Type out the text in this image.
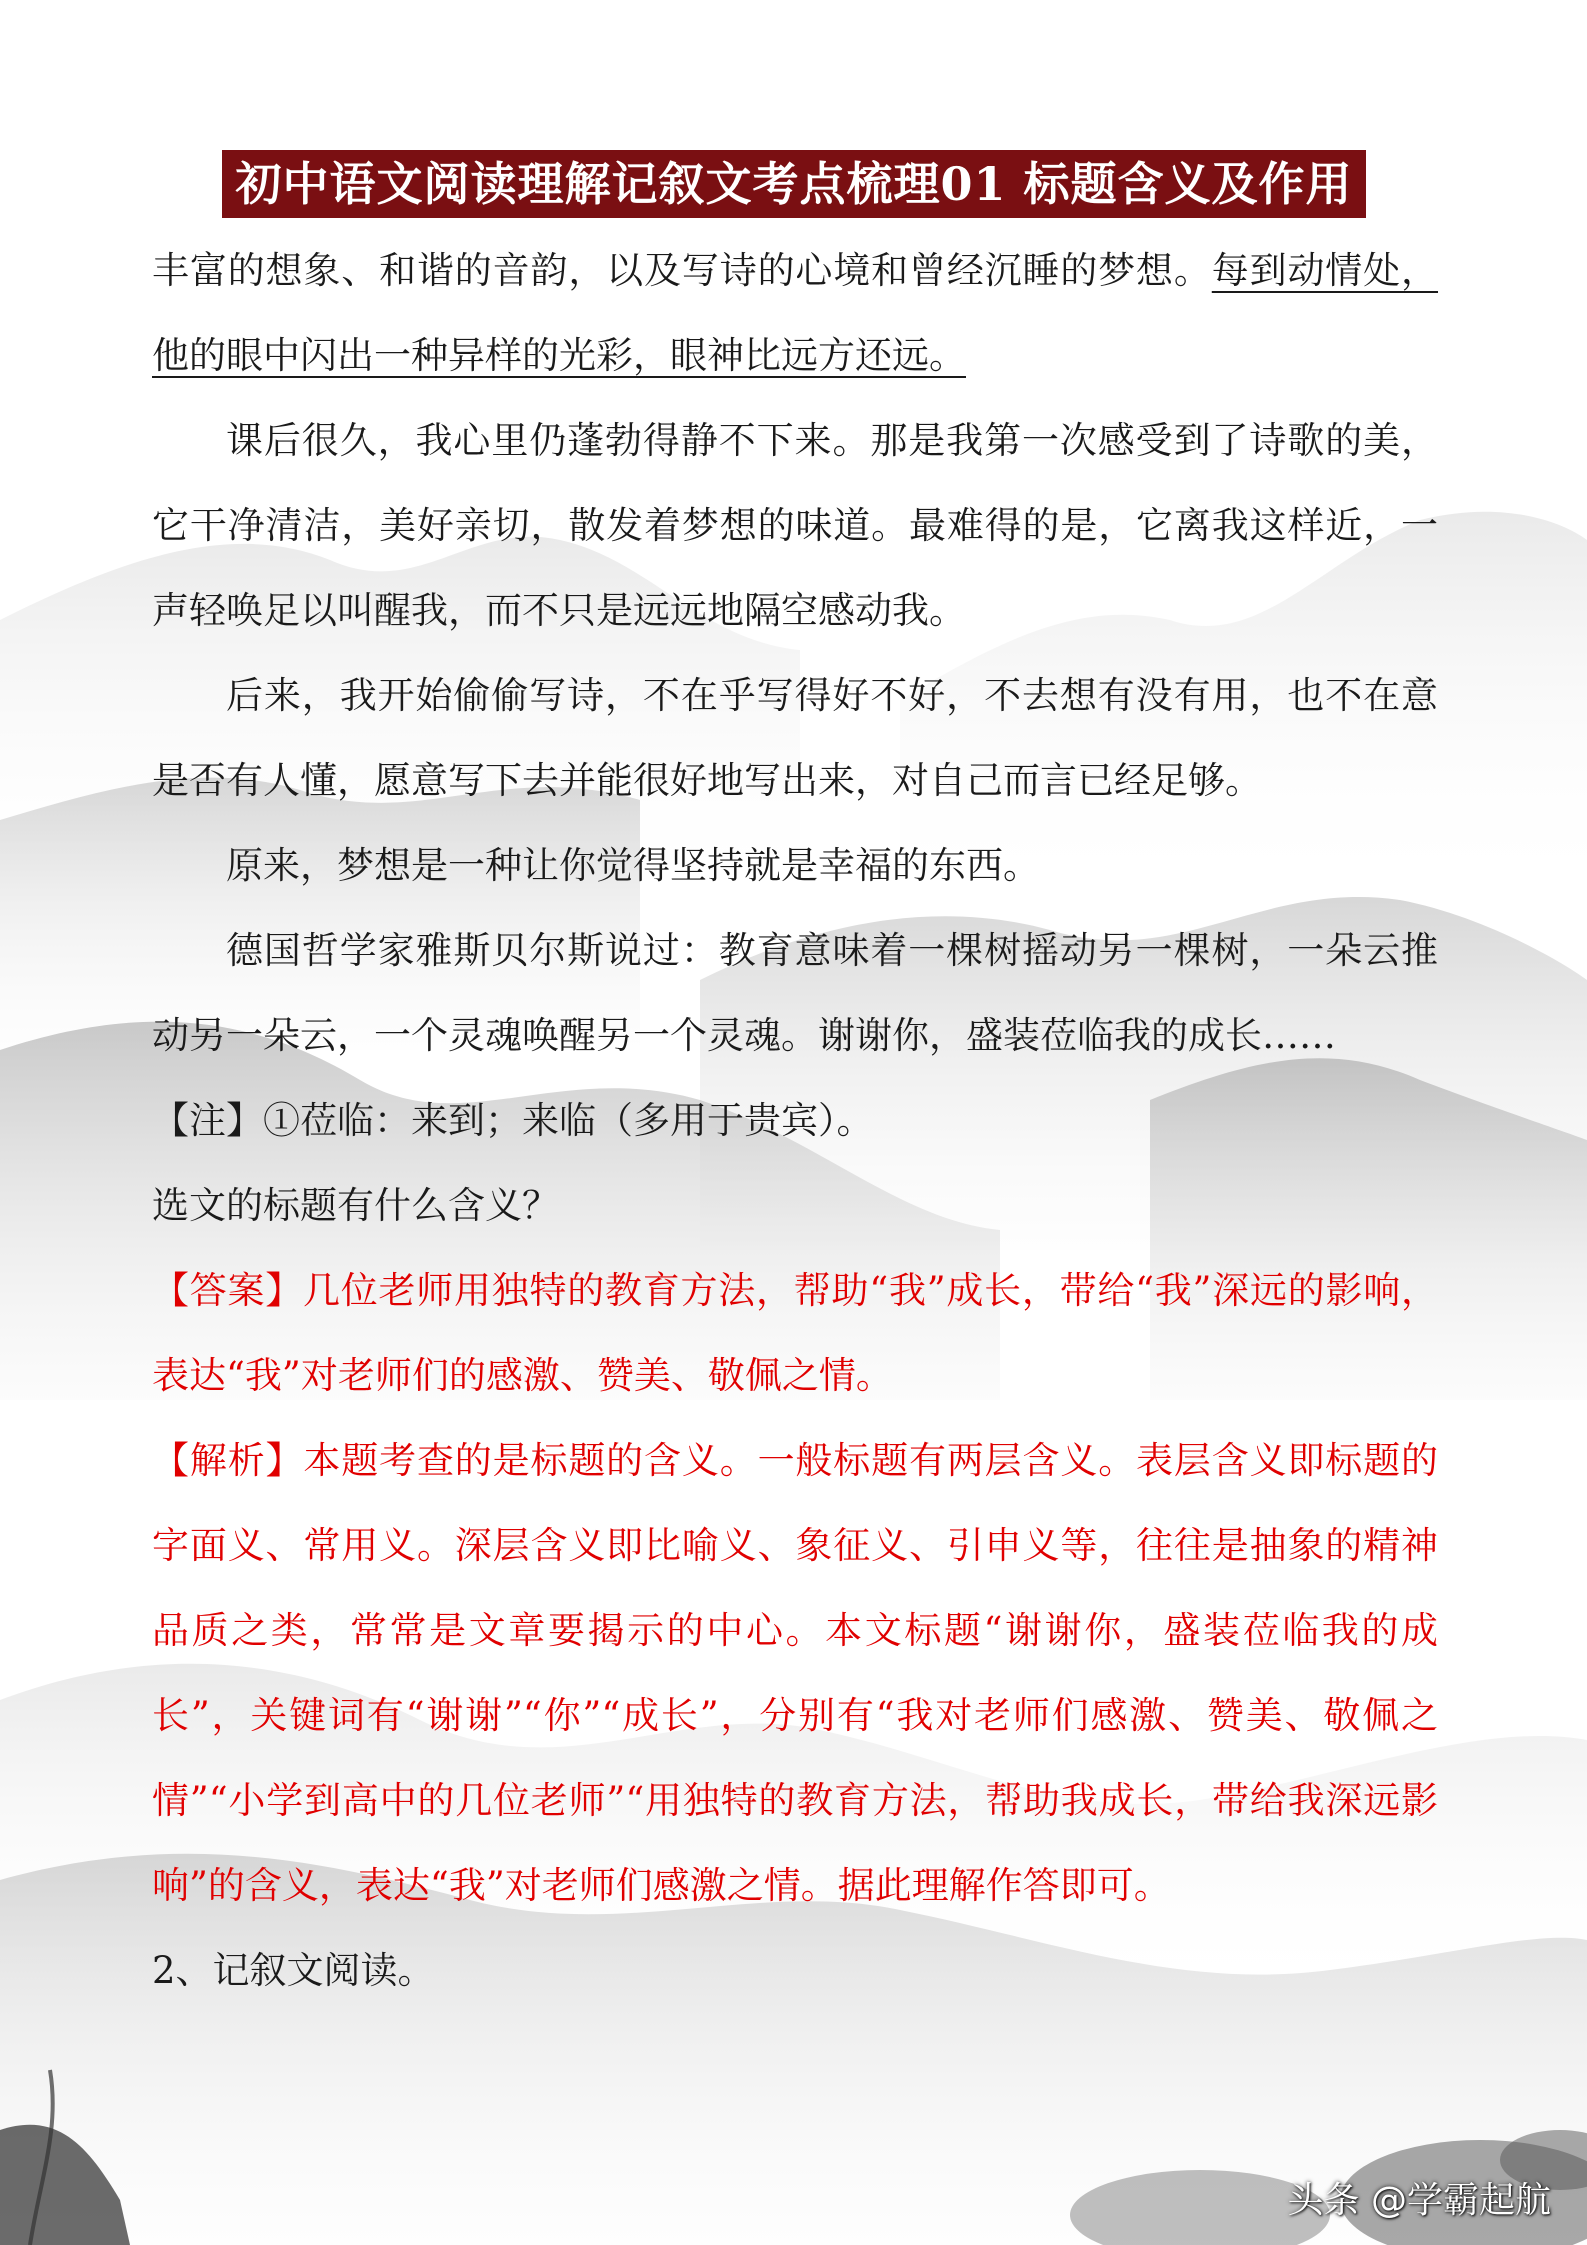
初中语文阅读理解记叙文考点梳理01 标题含义及作用

丰富的想象、和谐的音韵，以及写诗的心境和曾经沉睡的梦想。每到动情处，他的眼中闪出一种异样的光彩，眼神比远方还远。

课后很久，我心里仍蓬勃得静不下来。那是我第一次感受到了诗歌的美，它干净清洁，美好亲切，散发着梦想的味道。最难得的是，它离我这样近，一声轻唤足以叫醒我，而不只是远远地隔空感动我。

后来，我开始偷偷写诗，不在乎写得好不好，不去想有没有用，也不在意是否有人懂，愿意写下去并能很好地写出来，对自己而言已经足够。

原来，梦想是一种让你觉得坚持就是幸福的东西。

德国哲学家雅斯贝尔斯说过：教育意味着一棵树摇动另一棵树，一朵云推动另一朵云，一个灵魂唤醒另一个灵魂。谢谢你，盛装莅临我的成长……

【注】①莅临：来到；来临（多用于贵宾）。

选文的标题有什么含义？

【答案】几位老师用独特的教育方法，帮助“我”成长，带给“我”深远的影响，表达“我”对老师们的感激、赞美、敬佩之情。

【解析】本题考查的是标题的含义。一般标题有两层含义。表层含义即标题的字面义、常用义。深层含义即比喻义、象征义、引申义等，往往是抽象的精神品质之类，常常是文章要揭示的中心。本文标题“谢谢你，盛装莅临我的成长”，关键词有“谢谢”“你”“成长”，分别有“我对老师们感激、赞美、敬佩之情”“小学到高中的几位老师”“用独特的教育方法，帮助我成长，带给我深远影响”的含义，表达“我”对老师们感激之情。据此理解作答即可。

2、记叙文阅读。

头条 @学霸起航
